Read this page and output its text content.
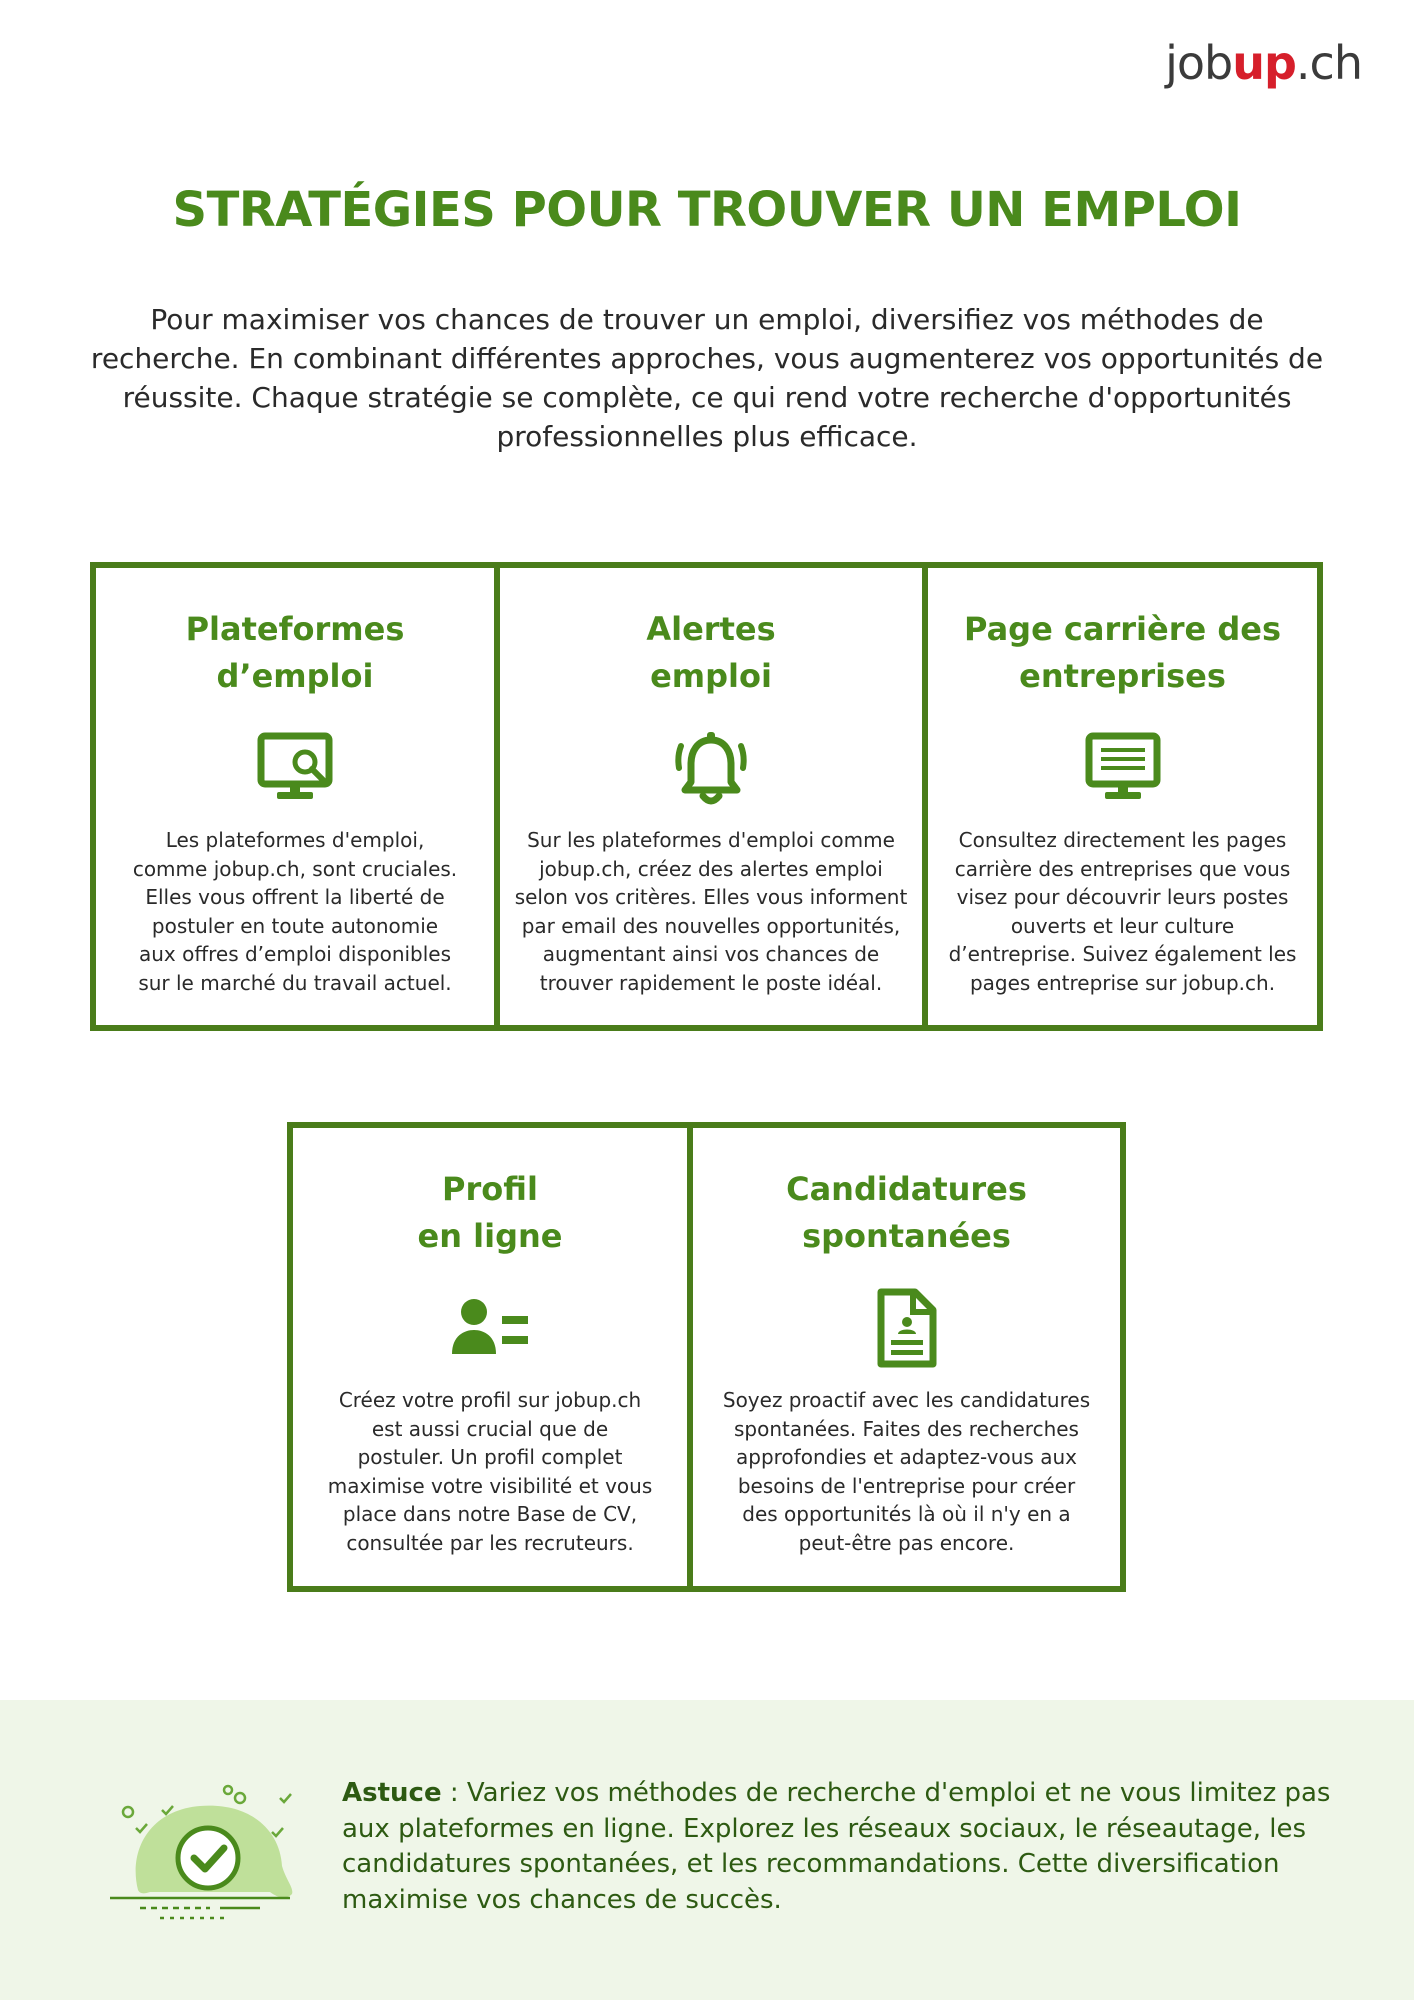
jobup.ch
STRATÉGIES POUR TROUVER UN EMPLOI

Pour maximiser vos chances de trouver un emploi, diversifiez vos méthodes de recherche. En combinant différentes approches, vous augmenterez vos opportunités de réussite. Chaque stratégie se complète, ce qui rend votre recherche d'opportunités professionnelles plus efficace.

Plateformes
d’emploi
Les plateformes d'emploi,
comme jobup.ch, sont cruciales.
Elles vous offrent la liberté de
postuler en toute autonomie
aux offres d’emploi disponibles
sur le marché du travail actuel.
Alertes
emploi
Sur les plateformes d'emploi comme
jobup.ch, créez des alertes emploi
selon vos critères. Elles vous informent
par email des nouvelles opportunités,
augmentant ainsi vos chances de
trouver rapidement le poste idéal.
Page carrière des
entreprises
Consultez directement les pages
carrière des entreprises que vous
visez pour découvrir leurs postes
ouverts et leur culture
d’entreprise. Suivez également les
pages entreprise sur jobup.ch.
Profil
en ligne
Créez votre profil sur jobup.ch
est aussi crucial que de
postuler. Un profil complet
maximise votre visibilité et vous
place dans notre Base de CV,
consultée par les recruteurs.
Candidatures
spontanées
Soyez proactif avec les candidatures
spontanées. Faites des recherches
approfondies et adaptez-vous aux
besoins de l'entreprise pour créer
des opportunités là où il n'y en a
peut-être pas encore.

Astuce : Variez vos méthodes de recherche d'emploi et ne vous limitez pas aux plateformes en ligne. Explorez les réseaux sociaux, le réseautage, les candidatures spontanées, et les recommandations. Cette diversification maximise vos chances de succès.
